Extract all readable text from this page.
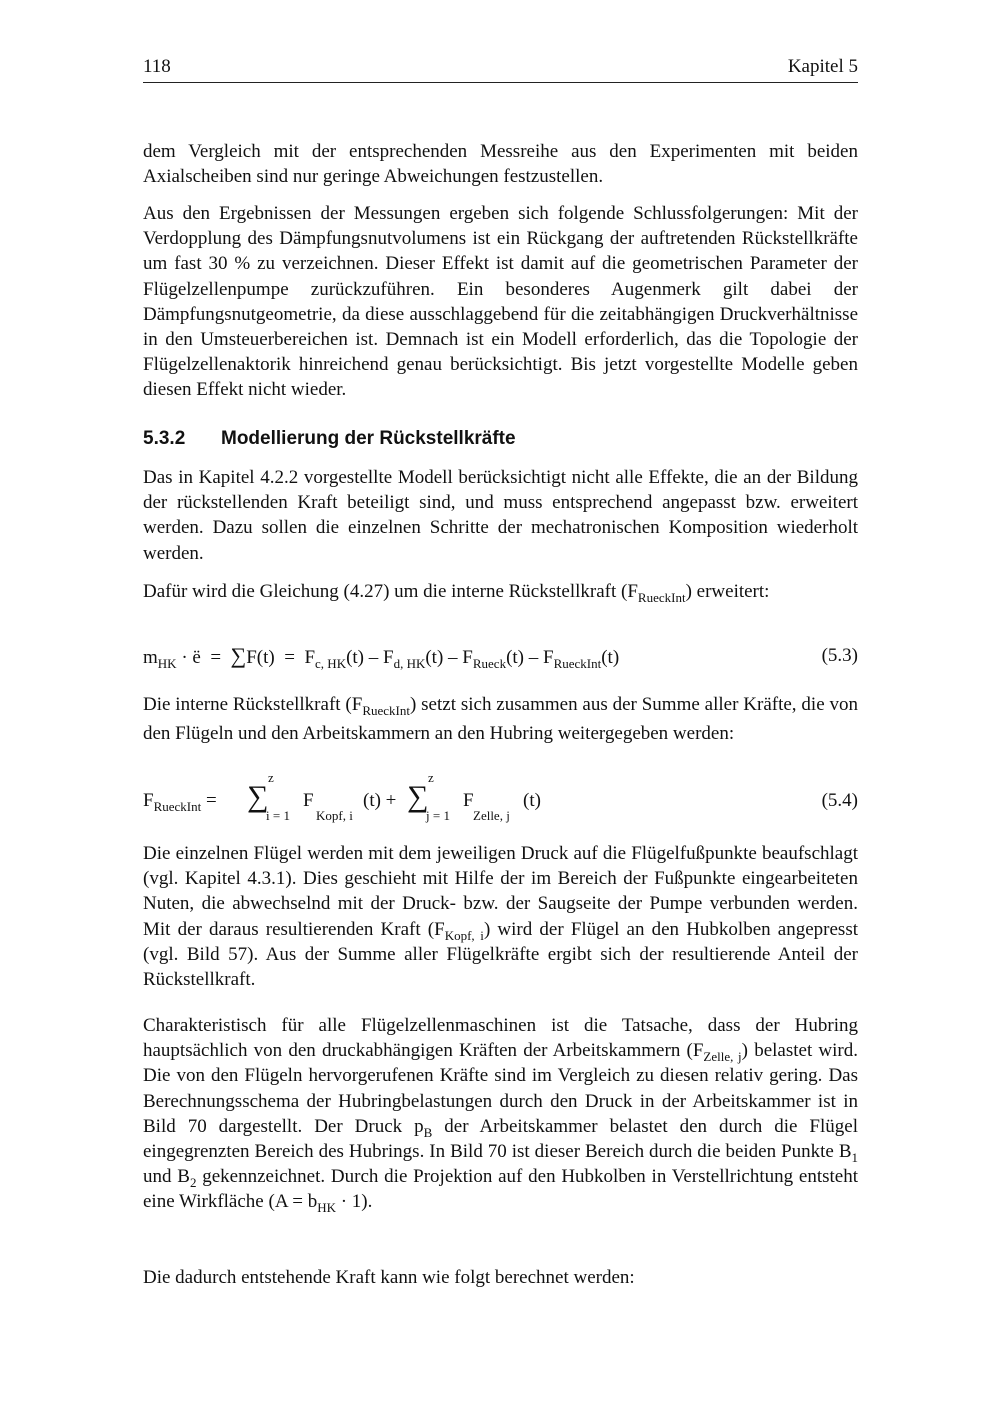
118	Kapitel 5

dem Vergleich mit der entsprechenden Messreihe aus den Experimenten mit beiden Axialscheiben sind nur geringe Abweichungen festzustellen.

Aus den Ergebnissen der Messungen ergeben sich folgende Schlussfolgerungen: Mit der Verdopplung des Dämpfungsnutvolumens ist ein Rückgang der auftretenden Rückstellkräfte um fast 30 % zu verzeichnen. Dieser Effekt ist damit auf die geometrischen Parameter der Flügelzellenpumpe zurückzuführen. Ein besonderes Augenmerk gilt dabei der Dämpfungsnutgeometrie, da diese ausschlaggebend für die zeitabhängigen Druckverhältnisse in den Umsteuerbereichen ist. Demnach ist ein Modell erforderlich, das die Topologie der Flügelzellenaktorik hinreichend genau berücksichtigt. Bis jetzt vorgestellte Modelle geben diesen Effekt nicht wieder.

5.3.2 Modellierung der Rückstellkräfte

Das in Kapitel 4.2.2 vorgestellte Modell berücksichtigt nicht alle Effekte, die an der Bildung der rückstellenden Kraft beteiligt sind, und muss entsprechend angepasst bzw. erweitert werden. Dazu sollen die einzelnen Schritte der mechatronischen Komposition wiederholt werden.

Dafür wird die Gleichung (4.27) um die interne Rückstellkraft $(F_{RueckInt})$ erweitert:

$m_{HK}$ · ë  =  $\sum F(t) = F_{c, HK}(t) - F_{d, HK}(t) - F_{Rueck}(t) - F_{RueckInt}(t)$	(5.3)

Die interne Rückstellkraft $(F_{RueckInt})$ setzt sich zusammen aus der Summe aller Kräfte, die von den Flügeln und den Arbeitskammern an den Hubring weitergegeben werden:

$F_{RueckInt}$ =
z
∑
i = 1
F
Kopf, i
(t) +
z
∑
j = 1
F
Zelle, j
(t)	(5.4)

Die einzelnen Flügel werden mit dem jeweiligen Druck auf die Flügelfußpunkte beaufschlagt (vgl. Kapitel 4.3.1). Dies geschieht mit Hilfe der im Bereich der Fußpunkte eingearbeiteten Nuten, die abwechselnd mit der Druck- bzw. der Saugseite der Pumpe verbunden werden. Mit der daraus resultierenden Kraft $(F_{Kopf, i})$ wird der Flügel an den Hubkolben angepresst (vgl. Bild 57). Aus der Summe aller Flügelkräfte ergibt sich der resultierende Anteil der Rückstellkraft.

Charakteristisch für alle Flügelzellenmaschinen ist die Tatsache, dass der Hubring hauptsächlich von den druckabhängigen Kräften der Arbeitskammern $(F_{Zelle, j})$ belastet wird. Die von den Flügeln hervorgerufenen Kräfte sind im Vergleich zu diesen relativ gering. Das Berechnungsschema der Hubringbelastungen durch den Druck in der Arbeitskammer ist in Bild 70 dargestellt. Der Druck $p_B$ der Arbeitskammer belastet den durch die Flügel eingegrenzten Bereich des Hubrings. In Bild 70 ist dieser Bereich durch die beiden Punkte $B_1$ und $B_2$ gekennzeichnet. Durch die Projektion auf den Hubkolben in Verstellrichtung entsteht eine Wirkfläche $(A = b_{HK} \cdot 1)$.

Die dadurch entstehende Kraft kann wie folgt berechnet werden:
